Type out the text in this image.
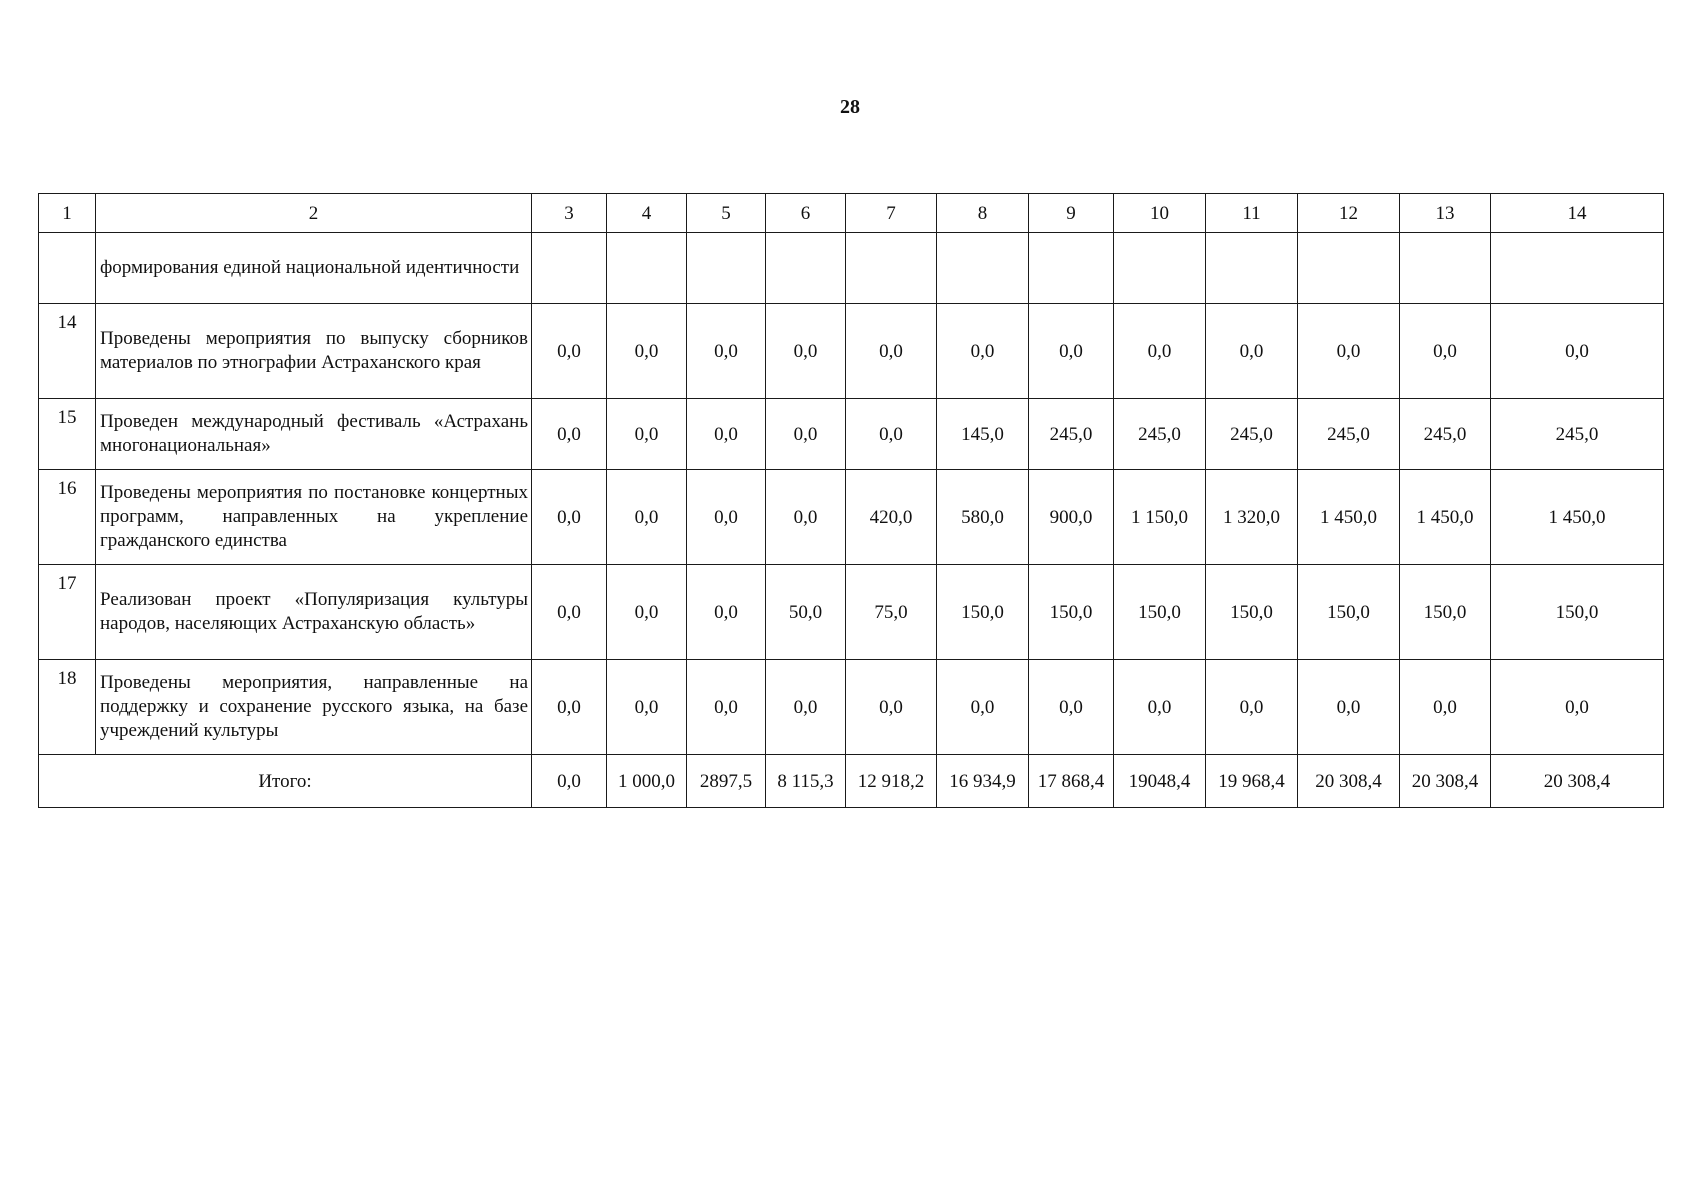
28
1	2	3	4	5	6	7	8	9	10	11	12	13	14
	формирования единой национальной идентичности												
14	Проведены мероприятия по выпуску сборников материалов по этнографии Астраханского края	0,0	0,0	0,0	0,0	0,0	0,0	0,0	0,0	0,0	0,0	0,0	0,0
15	Проведен международный фестиваль «Астрахань многонациональная»	0,0	0,0	0,0	0,0	0,0	145,0	245,0	245,0	245,0	245,0	245,0	245,0
16	Проведены мероприятия по постановке концертных программ, направленных на укрепление гражданского единства	0,0	0,0	0,0	0,0	420,0	580,0	900,0	1 150,0	1 320,0	1 450,0	1 450,0	1 450,0
17	Реализован проект «Популяризация культуры народов, населяющих Астраханскую область»	0,0	0,0	0,0	50,0	75,0	150,0	150,0	150,0	150,0	150,0	150,0	150,0
18	Проведены мероприятия, направленные на поддержку и сохранение русского языка, на базе учреждений культуры	0,0	0,0	0,0	0,0	0,0	0,0	0,0	0,0	0,0	0,0	0,0	0,0
Итого:		0,0	1 000,0	2897,5	8 115,3	12 918,2	16 934,9	17 868,4	19048,4	19 968,4	20 308,4	20 308,4	20 308,4
